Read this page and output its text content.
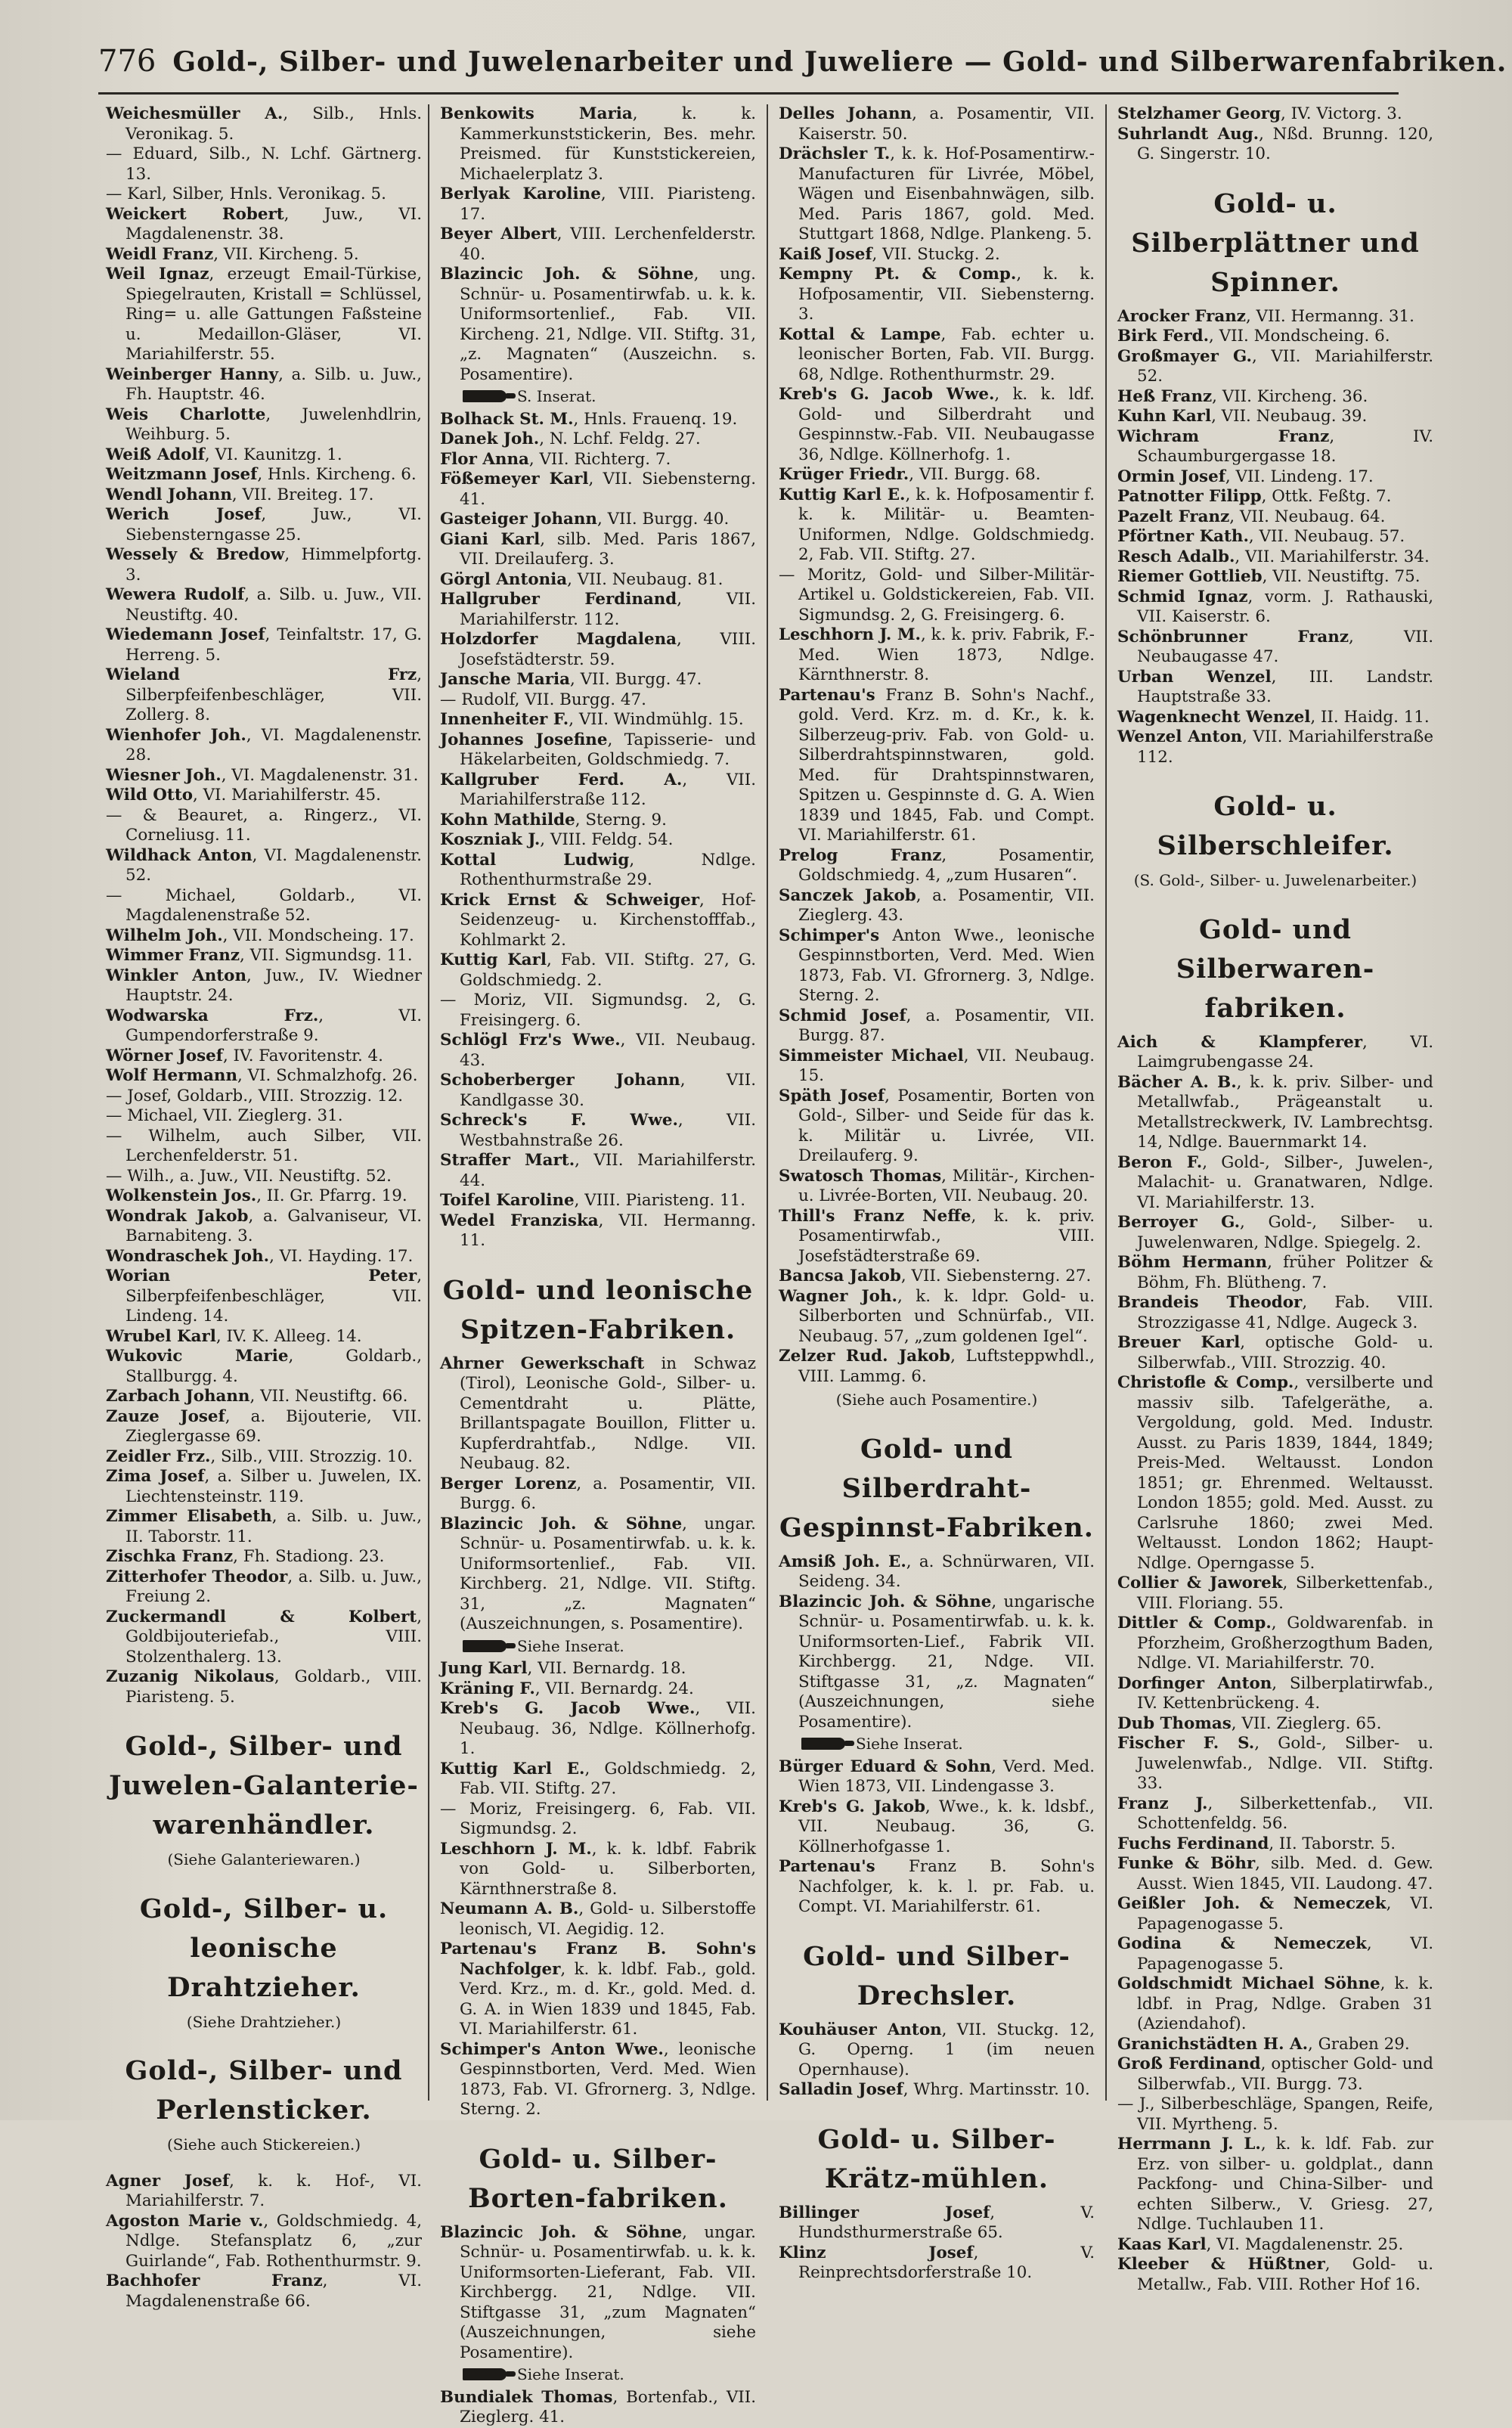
776 Gold-, Silber- und Juwelenarbeiter und Juweliere — Gold- und Silberwarenfabriken.

Weichesmüller A., Silb., Hnls. Veronikag. 5.

— Eduard, Silb., N. Lchf. Gärtnerg. 13.

— Karl, Silber, Hnls. Veronikag. 5.

Weickert Robert, Juw., VI. Magdalenenstr. 38.

Weidl Franz, VII. Kircheng. 5.

Weil Ignaz, erzeugt Email-Türkise, Spiegelrauten, Kristall = Schlüssel, Ring= u. alle Gattungen Faßsteine u. Medaillon-Gläser, VI. Mariahilferstr. 55.

Weinberger Hanny, a. Silb. u. Juw., Fh. Hauptstr. 46.

Weis Charlotte, Juwelenhdlrin, Weihburg. 5.

Weiß Adolf, VI. Kaunitzg. 1.

Weitzmann Josef, Hnls. Kircheng. 6.

Wendl Johann, VII. Breiteg. 17.

Werich Josef, Juw., VI. Siebensterngasse 25.

Wessely & Bredow, Himmelpfortg. 3.

Wewera Rudolf, a. Silb. u. Juw., VII. Neustiftg. 40.

Wiedemann Josef, Teinfaltstr. 17, G. Herreng. 5.

Wieland Frz, Silberpfeifenbeschläger, VII. Zollerg. 8.

Wienhofer Joh., VI. Magdalenenstr. 28.

Wiesner Joh., VI. Magdalenenstr. 31.

Wild Otto, VI. Mariahilferstr. 45.

— & Beauret, a. Ringerz., VI. Corneliusg. 11.

Wildhack Anton, VI. Magdalenenstr. 52.

— Michael, Goldarb., VI. Magdalenenstraße 52.

Wilhelm Joh., VII. Mondscheing. 17.

Wimmer Franz, VII. Sigmundsg. 11.

Winkler Anton, Juw., IV. Wiedner Hauptstr. 24.

Wodwarska Frz., VI. Gumpendorferstraße 9.

Wörner Josef, IV. Favoritenstr. 4.

Wolf Hermann, VI. Schmalzhofg. 26.

— Josef, Goldarb., VIII. Strozzig. 12.

— Michael, VII. Zieglerg. 31.

— Wilhelm, auch Silber, VII. Lerchenfelderstr. 51.

— Wilh., a. Juw., VII. Neustiftg. 52.

Wolkenstein Jos., II. Gr. Pfarrg. 19.

Wondrak Jakob, a. Galvaniseur, VI. Barnabiteng. 3.

Wondraschek Joh., VI. Hayding. 17.

Worian Peter, Silberpfeifenbeschläger, VII. Lindeng. 14.

Wrubel Karl, IV. K. Alleeg. 14.

Wukovic Marie, Goldarb., Stallburgg. 4.

Zarbach Johann, VII. Neustiftg. 66.

Zauze Josef, a. Bijouterie, VII. Zieglergasse 69.

Zeidler Frz., Silb., VIII. Strozzig. 10.

Zima Josef, a. Silber u. Juwelen, IX. Liechtensteinstr. 119.

Zimmer Elisabeth, a. Silb. u. Juw., II. Taborstr. 11.

Zischka Franz, Fh. Stadiong. 23.

Zitterhofer Theodor, a. Silb. u. Juw., Freiung 2.

Zuckermandl & Kolbert, Goldbijouteriefab., VIII. Stolzenthalerg. 13.

Zuzanig Nikolaus, Goldarb., VIII. Piaristeng. 5.

Gold-, Silber- und Juwelen-Galanterie-warenhändler.
(Siehe Galanteriewaren.)
Gold-, Silber- u. leonische Drahtzieher.
(Siehe Drahtzieher.)
Gold-, Silber- und Perlensticker.
(Siehe auch Stickereien.)

Agner Josef, k. k. Hof-, VI. Mariahilferstr. 7.

Agoston Marie v., Goldschmiedg. 4, Ndlge. Stefansplatz 6, „zur Guirlande“, Fab. Rothenthurmstr. 9.

Bachhofer Franz, VI. Magdalenenstraße 66.

Benkowits Maria, k. k. Kammerkunststickerin, Bes. mehr. Preismed. für Kunststickereien, Michaelerplatz 3.

Berlyak Karoline, VIII. Piaristeng. 17.

Beyer Albert, VIII. Lerchenfelderstr. 40.

Blazincic Joh. & Söhne, ung. Schnür- u. Posamentirwfab. u. k. k. Uniformsortenlief., Fab. VII. Kircheng. 21, Ndlge. VII. Stiftg. 31, „z. Magnaten“ (Auszeichn. s. Posamentire).

S. Inserat.

Bolhack St. M., Hnls. Frauenq. 19.

Danek Joh., N. Lchf. Feldg. 27.

Flor Anna, VII. Richterg. 7.

Fößemeyer Karl, VII. Siebensterng. 41.

Gasteiger Johann, VII. Burgg. 40.

Giani Karl, silb. Med. Paris 1867, VII. Dreilauferg. 3.

Görgl Antonia, VII. Neubaug. 81.

Hallgruber Ferdinand, VII. Mariahilferstr. 112.

Holzdorfer Magdalena, VIII. Josefstädterstr. 59.

Jansche Maria, VII. Burgg. 47.

— Rudolf, VII. Burgg. 47.

Innenheiter F., VII. Windmühlg. 15.

Johannes Josefine, Tapisserie- und Häkelarbeiten, Goldschmiedg. 7.

Kallgruber Ferd. A., VII. Mariahilferstraße 112.

Kohn Mathilde, Sterng. 9.

Koszniak J., VIII. Feldg. 54.

Kottal Ludwig, Ndlge. Rothenthurmstraße 29.

Krick Ernst & Schweiger, Hof-Seidenzeug- u. Kirchenstofffab., Kohlmarkt 2.

Kuttig Karl, Fab. VII. Stiftg. 27, G. Goldschmiedg. 2.

— Moriz, VII. Sigmundsg. 2, G. Freisingerg. 6.

Schlögl Frz's Wwe., VII. Neubaug. 43.

Schoberberger Johann, VII. Kandlgasse 30.

Schreck's F. Wwe., VII. Westbahnstraße 26.

Straffer Mart., VII. Mariahilferstr. 44.

Toifel Karoline, VIII. Piaristeng. 11.

Wedel Franziska, VII. Hermanng. 11.

Gold- und leonische Spitzen-Fabriken.

Ahrner Gewerkschaft in Schwaz (Tirol), Leonische Gold-, Silber- u. Cementdraht u. Plätte, Brillantspagate Bouillon, Flitter u. Kupferdrahtfab., Ndlge. VII. Neubaug. 82.

Berger Lorenz, a. Posamentir, VII. Burgg. 6.

Blazincic Joh. & Söhne, ungar. Schnür- u. Posamentirwfab. u. k. k. Uniformsortenlief., Fab. VII. Kirchberg. 21, Ndlge. VII. Stiftg. 31, „z. Magnaten“ (Auszeichnungen, s. Posamentire).

Siehe Inserat.

Jung Karl, VII. Bernardg. 18.

Kräning F., VII. Bernardg. 24.

Kreb's G. Jacob Wwe., VII. Neubaug. 36, Ndlge. Köllnerhofg. 1.

Kuttig Karl E., Goldschmiedg. 2, Fab. VII. Stiftg. 27.

— Moriz, Freisingerg. 6, Fab. VII. Sigmundsg. 2.

Leschhorn J. M., k. k. ldbf. Fabrik von Gold- u. Silberborten, Kärnthnerstraße 8.

Neumann A. B., Gold- u. Silberstoffe leonisch, VI. Aegidig. 12.

Partenau's Franz B. Sohn's Nachfolger, k. k. ldbf. Fab., gold. Verd. Krz., m. d. Kr., gold. Med. d. G. A. in Wien 1839 und 1845, Fab. VI. Mariahilferstr. 61.

Schimper's Anton Wwe., leonische Gespinnstborten, Verd. Med. Wien 1873, Fab. VI. Gfrornerg. 3, Ndlge. Sterng. 2.

Gold- u. Silber-Borten-fabriken.

Blazincic Joh. & Söhne, ungar. Schnür- u. Posamentirwfab. u. k. k. Uniformsorten-Lieferant, Fab. VII. Kirchbergg. 21, Ndlge. VII. Stiftgasse 31, „zum Magnaten“ (Auszeichnungen, siehe Posamentire).

Siehe Inserat.

Bundialek Thomas, Bortenfab., VII. Zieglerg. 41.

Delles Johann, a. Posamentir, VII. Kaiserstr. 50.

Drächsler T., k. k. Hof-Posamentirw.-Manufacturen für Livrée, Möbel, Wägen und Eisenbahnwägen, silb. Med. Paris 1867, gold. Med. Stuttgart 1868, Ndlge. Plankeng. 5.

Kaiß Josef, VII. Stuckg. 2.

Kempny Pt. & Comp., k. k. Hofposamentir, VII. Siebensterng. 3.

Kottal & Lampe, Fab. echter u. leonischer Borten, Fab. VII. Burgg. 68, Ndlge. Rothenthurmstr. 29.

Kreb's G. Jacob Wwe., k. k. ldf. Gold- und Silberdraht und Gespinnstw.-Fab. VII. Neubaugasse 36, Ndlge. Köllnerhofg. 1.

Krüger Friedr., VII. Burgg. 68.

Kuttig Karl E., k. k. Hofposamentir f. k. k. Militär- u. Beamten-Uniformen, Ndlge. Goldschmiedg. 2, Fab. VII. Stiftg. 27.

— Moritz, Gold- und Silber-Militär-Artikel u. Goldstickereien, Fab. VII. Sigmundsg. 2, G. Freisingerg. 6.

Leschhorn J. M., k. k. priv. Fabrik, F.-Med. Wien 1873, Ndlge. Kärnthnerstr. 8.

Partenau's Franz B. Sohn's Nachf., gold. Verd. Krz. m. d. Kr., k. k. Silberzeug-priv. Fab. von Gold- u. Silberdrahtspinnstwaren, gold. Med. für Drahtspinnstwaren, Spitzen u. Gespinnste d. G. A. Wien 1839 und 1845, Fab. und Compt. VI. Mariahilferstr. 61.

Prelog Franz, Posamentir, Goldschmiedg. 4, „zum Husaren“.

Sanczek Jakob, a. Posamentir, VII. Zieglerg. 43.

Schimper's Anton Wwe., leonische Gespinnstborten, Verd. Med. Wien 1873, Fab. VI. Gfrornerg. 3, Ndlge. Sterng. 2.

Schmid Josef, a. Posamentir, VII. Burgg. 87.

Simmeister Michael, VII. Neubaug. 15.

Späth Josef, Posamentir, Borten von Gold-, Silber- und Seide für das k. k. Militär u. Livrée, VII. Dreilauferg. 9.

Swatosch Thomas, Militär-, Kirchen- u. Livrée-Borten, VII. Neubaug. 20.

Thill's Franz Neffe, k. k. priv. Posamentirwfab., VIII. Josefstädterstraße 69.

Bancsa Jakob, VII. Siebensterng. 27.

Wagner Joh., k. k. ldpr. Gold- u. Silberborten und Schnürfab., VII. Neubaug. 57, „zum goldenen Igel“.

Zelzer Rud. Jakob, Luftsteppwhdl., VIII. Lammg. 6.

(Siehe auch Posamentire.)
Gold- und Silberdraht-Gespinnst-Fabriken.

Amsiß Joh. E., a. Schnürwaren, VII. Seideng. 34.

Blazincic Joh. & Söhne, ungarische Schnür- u. Posamentirwfab. u. k. k. Uniformsorten-Lief., Fabrik VII. Kirchbergg. 21, Ndge. VII. Stiftgasse 31, „z. Magnaten“ (Auszeichnungen, siehe Posamentire).

Siehe Inserat.

Bürger Eduard & Sohn, Verd. Med. Wien 1873, VII. Lindengasse 3.

Kreb's G. Jakob, Wwe., k. k. ldsbf., VII. Neubaug. 36, G. Köllnerhofgasse 1.

Partenau's Franz B. Sohn's Nachfolger, k. k. l. pr. Fab. u. Compt. VI. Mariahilferstr. 61.

Gold- und Silber-Drechsler.

Kouhäuser Anton, VII. Stuckg. 12, G. Operng. 1 (im neuen Opernhause).

Salladin Josef, Whrg. Martinsstr. 10.

Gold- u. Silber-Krätz-mühlen.

Billinger Josef, V. Hundsthurmerstraße 65.

Klinz Josef, V. Reinprechtsdorferstraße 10.

Stelzhamer Georg, IV. Victorg. 3.

Suhrlandt Aug., Nßd. Brunng. 120, G. Singerstr. 10.

Gold- u. Silberplättner und Spinner.

Arocker Franz, VII. Hermanng. 31.

Birk Ferd., VII. Mondscheing. 6.

Großmayer G., VII. Mariahilferstr. 52.

Heß Franz, VII. Kircheng. 36.

Kuhn Karl, VII. Neubaug. 39.

Wichram Franz, IV. Schaumburgergasse 18.

Ormin Josef, VII. Lindeng. 17.

Patnotter Filipp, Ottk. Feßtg. 7.

Pazelt Franz, VII. Neubaug. 64.

Pförtner Kath., VII. Neubaug. 57.

Resch Adalb., VII. Mariahilferstr. 34.

Riemer Gottlieb, VII. Neustiftg. 75.

Schmid Ignaz, vorm. J. Rathauski, VII. Kaiserstr. 6.

Schönbrunner Franz, VII. Neubaugasse 47.

Urban Wenzel, III. Landstr. Hauptstraße 33.

Wagenknecht Wenzel, II. Haidg. 11.

Wenzel Anton, VII. Mariahilferstraße 112.

Gold- u. Silberschleifer.
(S. Gold-, Silber- u. Juwelenarbeiter.)
Gold- und Silberwaren-fabriken.

Aich & Klampferer, VI. Laimgrubengasse 24.

Bächer A. B., k. k. priv. Silber- und Metallwfab., Prägeanstalt u. Metallstreckwerk, IV. Lambrechtsg. 14, Ndlge. Bauernmarkt 14.

Beron F., Gold-, Silber-, Juwelen-, Malachit- u. Granatwaren, Ndlge. VI. Mariahilferstr. 13.

Berroyer G., Gold-, Silber- u. Juwelenwaren, Ndlge. Spiegelg. 2.

Böhm Hermann, früher Politzer & Böhm, Fh. Blütheng. 7.

Brandeis Theodor, Fab. VIII. Strozzigasse 41, Ndlge. Augeck 3.

Breuer Karl, optische Gold- u. Silberwfab., VIII. Strozzig. 40.

Christofle & Comp., versilberte und massiv silb. Tafelgeräthe, a. Vergoldung, gold. Med. Industr. Ausst. zu Paris 1839, 1844, 1849; Preis-Med. Weltausst. London 1851; gr. Ehrenmed. Weltausst. London 1855; gold. Med. Ausst. zu Carlsruhe 1860; zwei Med. Weltausst. London 1862; Haupt-Ndlge. Operngasse 5.

Collier & Jaworek, Silberkettenfab., VIII. Floriang. 55.

Dittler & Comp., Goldwarenfab. in Pforzheim, Großherzogthum Baden, Ndlge. VI. Mariahilferstr. 70.

Dorfinger Anton, Silberplatirwfab., IV. Kettenbrückeng. 4.

Dub Thomas, VII. Zieglerg. 65.

Fischer F. S., Gold-, Silber- u. Juwelenwfab., Ndlge. VII. Stiftg. 33.

Franz J., Silberkettenfab., VII. Schottenfeldg. 56.

Fuchs Ferdinand, II. Taborstr. 5.

Funke & Böhr, silb. Med. d. Gew. Ausst. Wien 1845, VII. Laudong. 47.

Geißler Joh. & Nemeczek, VI. Papagenogasse 5.

Godina & Nemeczek, VI. Papagenogasse 5.

Goldschmidt Michael Söhne, k. k. ldbf. in Prag, Ndlge. Graben 31 (Aziendahof).

Granichstädten H. A., Graben 29.

Groß Ferdinand, optischer Gold- und Silberwfab., VII. Burgg. 73.

— J., Silberbeschläge, Spangen, Reife, VII. Myrtheng. 5.

Herrmann J. L., k. k. ldf. Fab. zur Erz. von silber- u. goldplat., dann Packfong- und China-Silber- und echten Silberw., V. Griesg. 27, Ndlge. Tuchlauben 11.

Kaas Karl, VI. Magdalenenstr. 25.

Kleeber & Hüßtner, Gold- u. Metallw., Fab. VIII. Rother Hof 16.
